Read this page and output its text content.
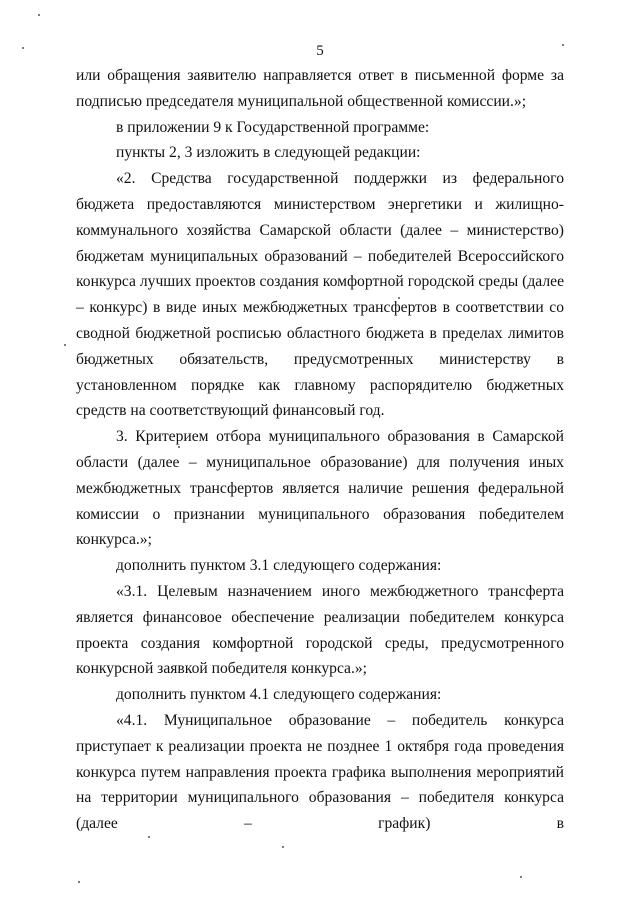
5

или обращения заявителю направляется ответ в письменной форме за подписью председателя муниципальной общественной комиссии.»;

в приложении 9 к Государственной программе:

пункты 2, 3 изложить в следующей редакции:

«2. Средства государственной поддержки из федерального бюджета предоставляются министерством энергетики и жилищно-коммунального хозяйства Самарской области (далее – министерство) бюджетам муниципальных образований – победителей Всероссийского конкурса лучших проектов создания комфортной городской среды (далее – конкурс) в виде иных межбюджетных трансфертов в соответствии со сводной бюджетной росписью областного бюджета в пределах лимитов бюджетных обязательств, предусмотренных министерству в установленном порядке как главному распорядителю бюджетных средств на соответствующий финансовый год.

3. Критерием отбора муниципального образования в Самарской области (далее – муниципальное образование) для получения иных межбюджетных трансфертов является наличие решения федеральной комиссии о признании муниципального образования победителем конкурса.»;

дополнить пунктом 3.1 следующего содержания:

«3.1. Целевым назначением иного межбюджетного трансферта является финансовое обеспечение реализации победителем конкурса проекта создания комфортной городской среды, предусмотренного конкурсной заявкой победителя конкурса.»;

дополнить пунктом 4.1 следующего содержания:

«4.1. Муниципальное образование – победитель конкурса приступает к реализации проекта не позднее 1 октября года проведения конкурса путем направления проекта графика выполнения мероприятий на территории муниципального образования – победителя конкурса (далее – график) в
